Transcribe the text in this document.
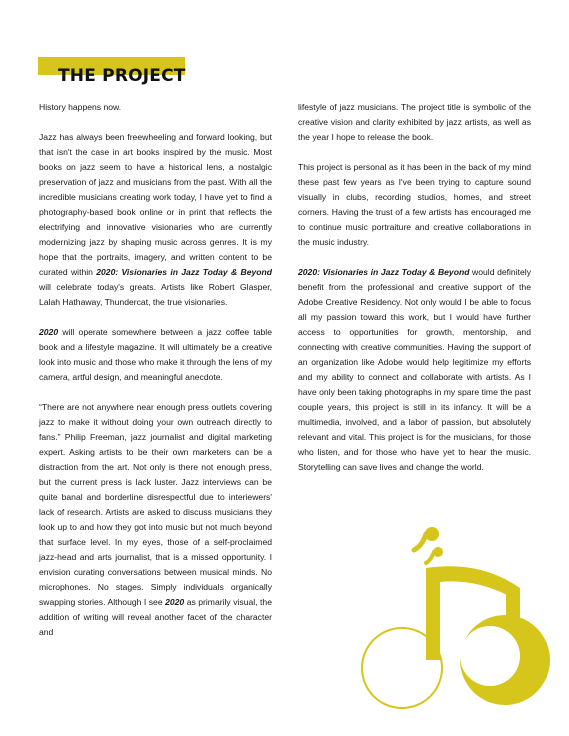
THE PROJECT

History happens now.

Jazz has always been freewheeling and forward looking, but that isn't the case in art books inspired by the music. Most books on jazz seem to have a historical lens, a nostalgic preservation of jazz and musicians from the past. With all the incredible musicians creating work today, I have yet to find a photography-based book online or in print that reflects the electrifying and innovative visionaries who are currently modernizing jazz by shaping music across genres. It is my hope that the portraits, imagery, and written content to be curated within 2020: Visionaries in Jazz Today & Beyond will celebrate today's greats. Artists like Robert Glasper, Lalah Hathaway, Thundercat, the true visionaries.

2020 will operate somewhere between a jazz coffee table book and a lifestyle magazine. It will ultimately be a creative look into music and those who make it through the lens of my camera, artful design, and meaningful anecdote.

“There are not anywhere near enough press outlets covering jazz to make it without doing your own outreach directly to fans.” Philip Freeman, jazz journalist and digital marketing expert. Asking artists to be their own marketers can be a distraction from the art. Not only is there not enough press, but the current press is lack luster. Jazz interviews can be quite banal and borderline disrespectful due to interiewers' lack of research. Artists are asked to discuss musicians they look up to and how they got into music but not much beyond that surface level. In my eyes, those of a self-proclaimed jazz-head and arts journalist, that is a missed opportunity. I envision curating conversations between musical minds. No microphones. No stages. Simply individuals organically swapping stories. Although I see 2020 as primarily visual, the addition of writing will reveal another facet of the character and

lifestyle of jazz musicians. The project title is symbolic of the creative vision and clarity exhibited by jazz artists, as well as the year I hope to release the book.

This project is personal as it has been in the back of my mind these past few years as I've been trying to capture sound visually in clubs, recording studios, homes, and street corners. Having the trust of a few artists has encouraged me to continue music portraiture and creative collaborations in the music industry.

2020: Visionaries in Jazz Today & Beyond would definitely benefit from the professional and creative support of the Adobe Creative Residency. Not only would I be able to focus all my passion toward this work, but I would have further access to opportunities for growth, mentorship, and connecting with creative communities. Having the support of an organization like Adobe would help legitimize my efforts and my ability to connect and collaborate with artists. As I have only been taking photographs in my spare time the past couple years, this project is still in its infancy. It will be a multimedia, involved, and a labor of passion, but absolutely relevant and vital. This project is for the musicians, for those who listen, and for those who have yet to hear the music. Storytelling can save lives and change the world.
